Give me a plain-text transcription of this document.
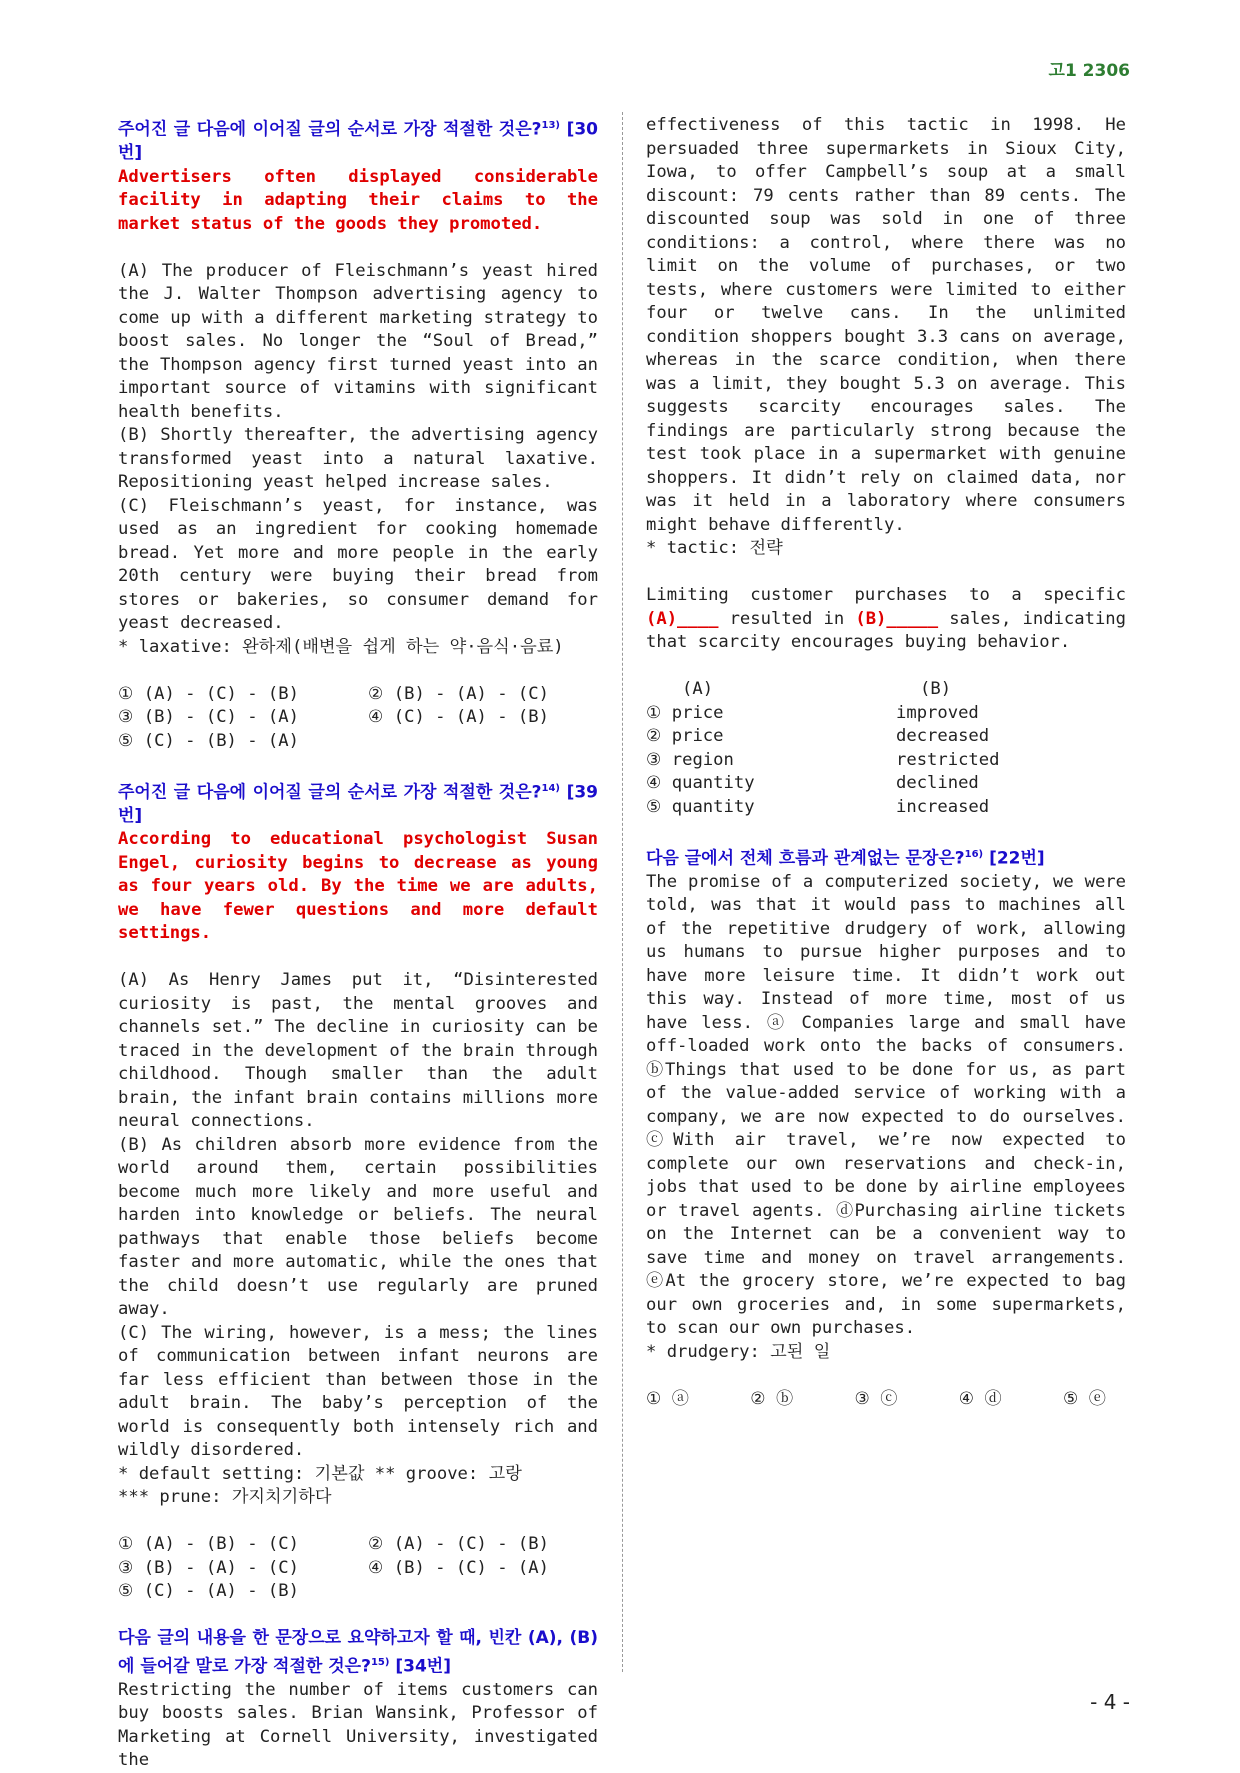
고1 2306
주어진 글 다음에 이어질 글의 순서로 가장 적절한 것은?$^{13)}$ [30번]

Advertisers often displayed considerable facility in adapting their claims to the market status of the goods they promoted.

(A) The producer of Fleischmann’s yeast hired the J. Walter Thompson advertising agency to come up with a different marketing strategy to boost sales. No longer the “Soul of Bread,” the Thompson agency first turned yeast into an important source of vitamins with significant health benefits.

(B) Shortly thereafter, the advertising agency transformed yeast into a natural laxative. Repositioning yeast helped increase sales.

(C) Fleischmann’s yeast, for instance, was used as an ingredient for cooking homemade bread. Yet more and more people in the early 20th century were buying their bread from stores or bakeries, so consumer demand for yeast decreased.

* laxative: 완하제(배변을 쉽게 하는 약·음식·음료)

① (A) - (C) - (B)	② (B) - (A) - (C)
③ (B) - (C) - (A)	④ (C) - (A) - (B)
⑤ (C) - (B) - (A)
주어진 글 다음에 이어질 글의 순서로 가장 적절한 것은?$^{14)}$ [39번]

According to educational psychologist Susan Engel, curiosity begins to decrease as young as four years old. By the time we are adults, we have fewer questions and more default settings.

(A) As Henry James put it, “Disinterested curiosity is past, the mental grooves and channels set.” The decline in curiosity can be traced in the development of the brain through childhood. Though smaller than the adult brain, the infant brain contains millions more neural connections.

(B) As children absorb more evidence from the world around them, certain possibilities become much more likely and more useful and harden into knowledge or beliefs. The neural pathways that enable those beliefs become faster and more automatic, while the ones that the child doesn’t use regularly are pruned away.

(C) The wiring, however, is a mess; the lines of communication between infant neurons are far less efficient than between those in the adult brain. The baby’s perception of the world is consequently both intensely rich and wildly disordered.

* default setting: 기본값 ** groove: 고랑

*** prune: 가지치기하다

① (A) - (B) - (C)	② (A) - (C) - (B)
③ (B) - (A) - (C)	④ (B) - (C) - (A)
⑤ (C) - (A) - (B)
다음 글의 내용을 한 문장으로 요약하고자 할 때, 빈칸 (A), (B)에 들어갈 말로 가장 적절한 것은?$^{15)}$ [34번]

Restricting the number of items customers can buy boosts sales. Brian Wansink, Professor of Marketing at Cornell University, investigated the

effectiveness of this tactic in 1998. He persuaded three supermarkets in Sioux City, Iowa, to offer Campbell’s soup at a small discount: 79 cents rather than 89 cents. The discounted soup was sold in one of three conditions: a control, where there was no limit on the volume of purchases, or two tests, where customers were limited to either four or twelve cans. In the unlimited condition shoppers bought 3.3 cans on average, whereas in the scarce condition, when there was a limit, they bought 5.3 on average. This suggests scarcity encourages sales. The findings are particularly strong because the test took place in a supermarket with genuine shoppers. It didn’t rely on claimed data, nor was it held in a laboratory where consumers might behave differently.

* tactic: 전략

Limiting customer purchases to a specific (A)____ resulted in (B)_____ sales, indicating that scarcity encourages buying behavior.

(A)	(B)
① price	improved
② price	decreased
③ region	restricted
④ quantity	declined
⑤ quantity	increased
다음 글에서 전체 흐름과 관계없는 문장은?$^{16)}$ [22번]

The promise of a computerized society, we were told, was that it would pass to machines all of the repetitive drudgery of work, allowing us humans to pursue higher purposes and to have more leisure time. It didn’t work out this way. Instead of more time, most of us have less. ⓐ Companies large and small have off-loaded work onto the backs of consumers. ⓑThings that used to be done for us, as part of the value-added service of working with a company, we are now expected to do ourselves. ⓒWith air travel, we’re now expected to complete our own reservations and check-in, jobs that used to be done by airline employees or travel agents. ⓓPurchasing airline tickets on the Internet can be a convenient way to save time and money on travel arrangements. ⓔAt the grocery store, we’re expected to bag our own groceries and, in some supermarkets, to scan our own purchases.

* drudgery: 고된 일

① ⓐ	② ⓑ	③ ⓒ	④ ⓓ	⑤ ⓔ
- 4 -
